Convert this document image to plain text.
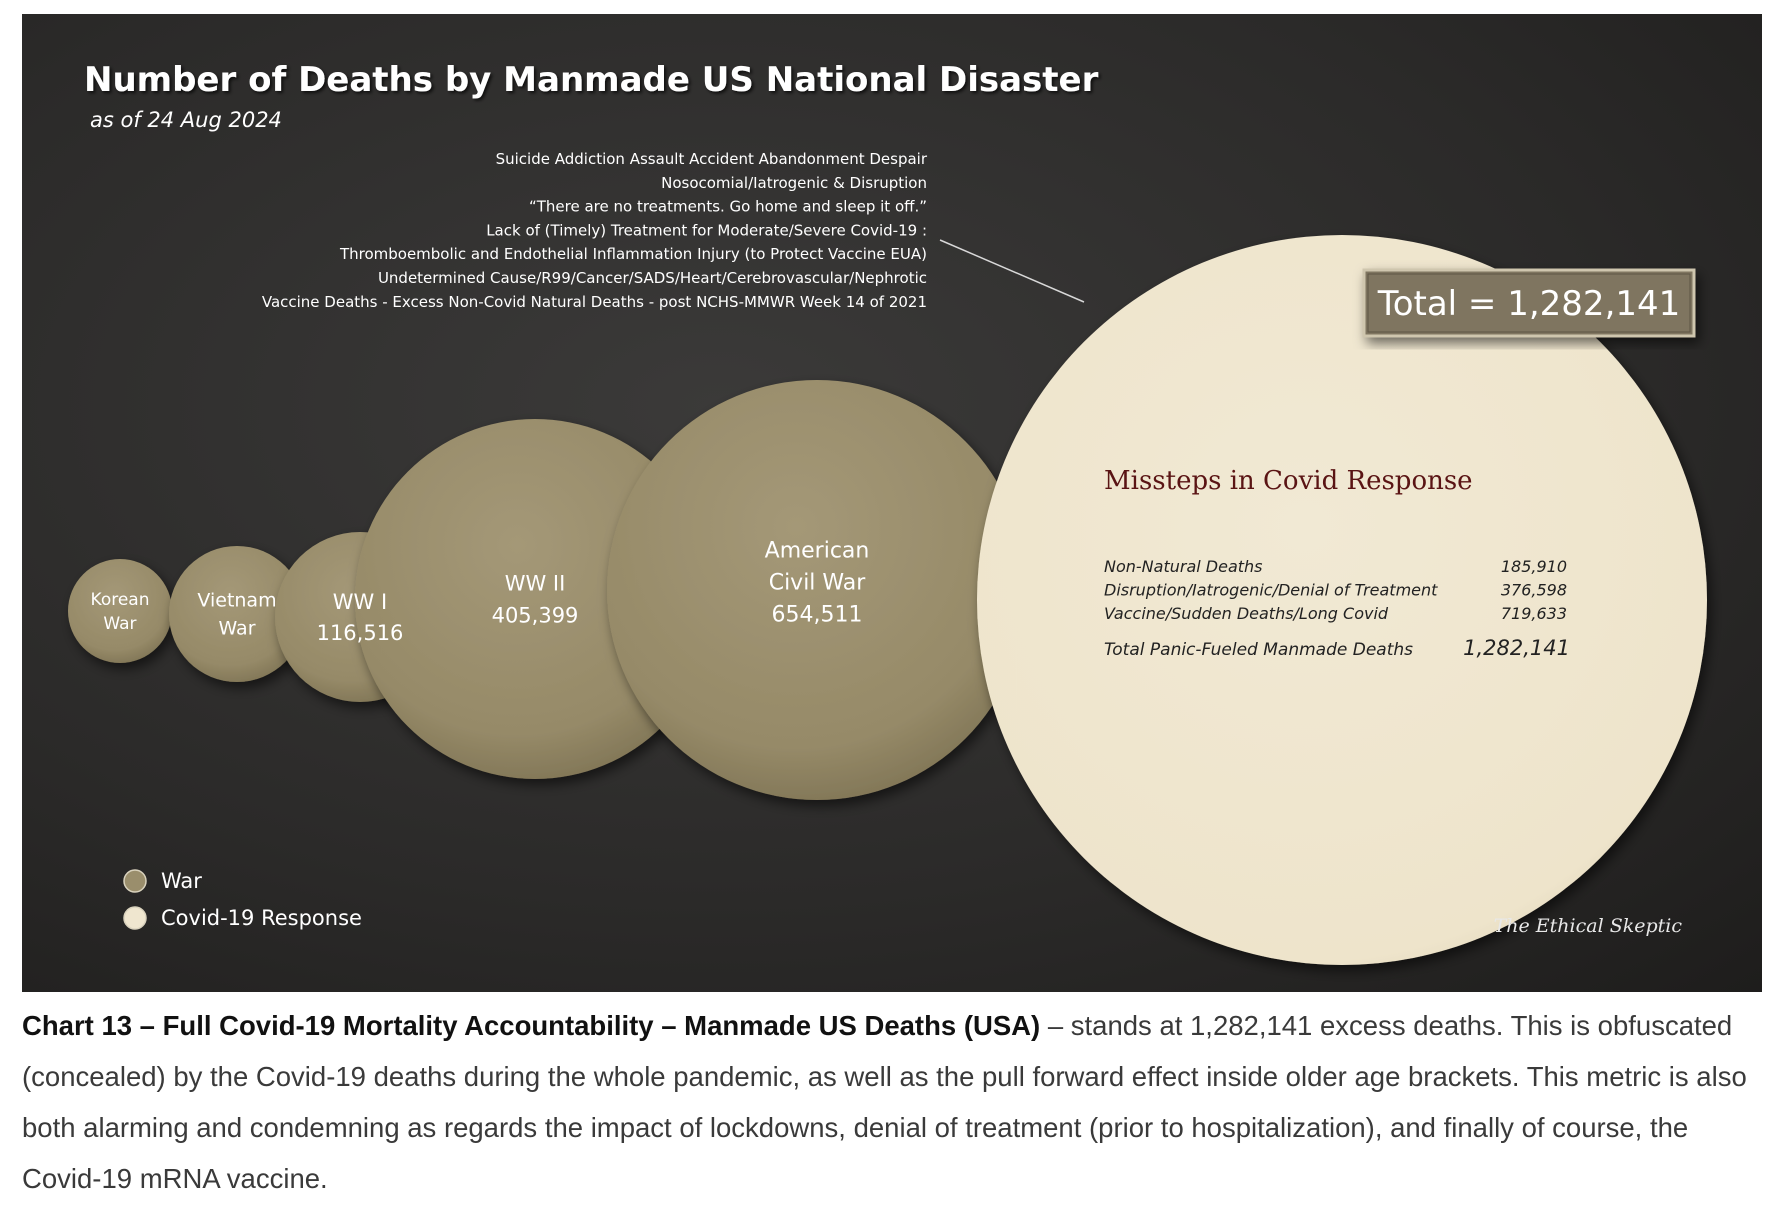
Number of Deaths by Manmade US National Disaster
as of 24 Aug 2024
Suicide Addiction Assault Accident Abandonment Despair
Nosocomial/Iatrogenic & Disruption
“There are no treatments. Go home and sleep it off.”
Lack of (Timely) Treatment for Moderate/Severe Covid-19 :
Thromboembolic and Endothelial Inflammation Injury (to Protect Vaccine EUA)
Undetermined Cause/R99/Cancer/SADS/Heart/Cerebrovascular/Nephrotic
Vaccine Deaths - Excess Non-Covid Natural Deaths - post NCHS-MMWR Week 14 of 2021
Korean
War
Vietnam
War
WW I
116,516
WW II
405,399
American
Civil War
654,511
Total = 1,282,141
Missteps in Covid Response
Non-Natural Deaths	185,910
Disruption/Iatrogenic/Denial of Treatment	376,598
Vaccine/Sudden Deaths/Long Covid	719,633
Total Panic-Fueled Manmade Deaths 1,282,141
War
Covid-19 Response	The Ethical Skeptic
Chart 13 – Full Covid-19 Mortality Accountability – Manmade US Deaths (USA) – stands at 1,282,141 excess deaths. This is obfuscated (concealed) by the Covid-19 deaths during the whole pandemic, as well as the pull forward effect inside older age brackets. This metric is also both alarming and condemning as regards the impact of lockdowns, denial of treatment (prior to hospitalization), and finally of course, the Covid-19 mRNA vaccine.
